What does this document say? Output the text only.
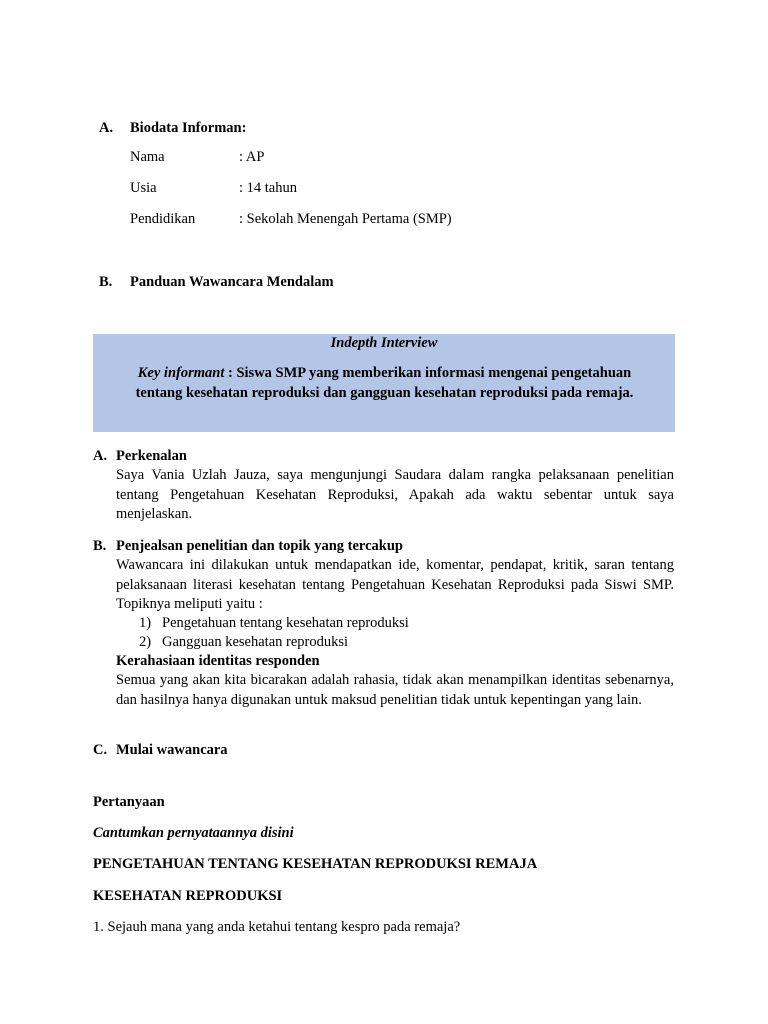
A. Biodata Informan:
Nama	: AP
Usia	: 14 tahun
Pendidikan	: Sekolah Menengah Pertama (SMP)
B. Panduan Wawancara Mendalam
Indepth Interview
Key informant : Siswa SMP yang memberikan informasi mengenai pengetahuan tentang kesehatan reproduksi dan gangguan kesehatan reproduksi pada remaja.
A. Perkenalan
Saya Vania Uzlah Jauza, saya mengunjungi Saudara dalam rangka pelaksanaan penelitian tentang Pengetahuan Kesehatan Reproduksi, Apakah ada waktu sebentar untuk saya menjelaskan.
B. Penjealsan penelitian dan topik yang tercakup
Wawancara ini dilakukan untuk mendapatkan ide, komentar, pendapat, kritik, saran tentang pelaksanaan literasi kesehatan tentang Pengetahuan Kesehatan Reproduksi pada Siswi SMP. Topiknya meliputi yaitu :
1) Pengetahuan tentang kesehatan reproduksi
2) Gangguan kesehatan reproduksi
Kerahasiaan identitas responden
Semua yang akan kita bicarakan adalah rahasia, tidak akan menampilkan identitas sebenarnya, dan hasilnya hanya digunakan untuk maksud penelitian tidak untuk kepentingan yang lain.
C. Mulai wawancara
Pertanyaan
Cantumkan pernyataannya disini
PENGETAHUAN TENTANG KESEHATAN REPRODUKSI REMAJA
KESEHATAN REPRODUKSI
1. Sejauh mana yang anda ketahui tentang kespro pada remaja?
